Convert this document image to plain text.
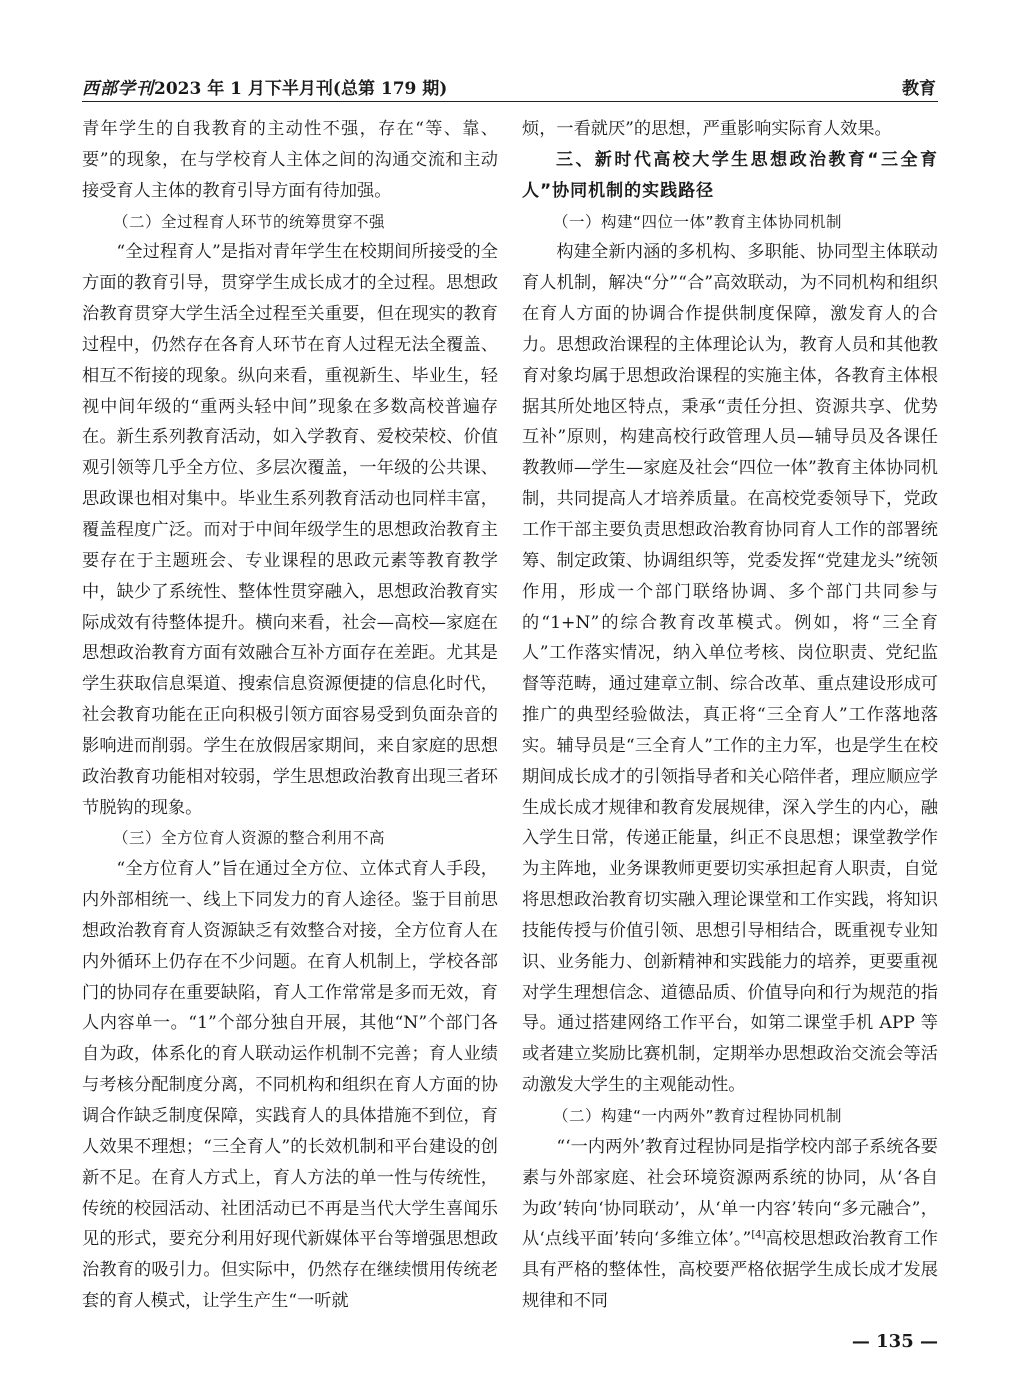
西部学刊2023 年 1 月下半月刊(总第 179 期)	教育

青年学生的自我教育的主动性不强，存在“等、靠、要”的现象，在与学校育人主体之间的沟通交流和主动接受育人主体的教育引导方面有待加强。

（二）全过程育人环节的统筹贯穿不强

“全过程育人”是指对青年学生在校期间所接受的全方面的教育引导，贯穿学生成长成才的全过程。思想政治教育贯穿大学生活全过程至关重要，但在现实的教育过程中，仍然存在各育人环节在育人过程无法全覆盖、相互不衔接的现象。纵向来看，重视新生、毕业生，轻视中间年级的“重两头轻中间”现象在多数高校普遍存在。新生系列教育活动，如入学教育、爱校荣校、价值观引领等几乎全方位、多层次覆盖，一年级的公共课、思政课也相对集中。毕业生系列教育活动也同样丰富，覆盖程度广泛。而对于中间年级学生的思想政治教育主要存在于主题班会、专业课程的思政元素等教育教学中，缺少了系统性、整体性贯穿融入，思想政治教育实际成效有待整体提升。横向来看，社会—高校—家庭在思想政治教育方面有效融合互补方面存在差距。尤其是学生获取信息渠道、搜索信息资源便捷的信息化时代，社会教育功能在正向积极引领方面容易受到负面杂音的影响进而削弱。学生在放假居家期间，来自家庭的思想政治教育功能相对较弱，学生思想政治教育出现三者环节脱钩的现象。

（三）全方位育人资源的整合利用不高

“全方位育人”旨在通过全方位、立体式育人手段，内外部相统一、线上下同发力的育人途径。鉴于目前思想政治教育育人资源缺乏有效整合对接，全方位育人在内外循环上仍存在不少问题。在育人机制上，学校各部门的协同存在重要缺陷，育人工作常常是多而无效，育人内容单一。“1”个部分独自开展，其他“N”个部门各自为政，体系化的育人联动运作机制不完善；育人业绩与考核分配制度分离，不同机构和组织在育人方面的协调合作缺乏制度保障，实践育人的具体措施不到位，育人效果不理想；“三全育人”的长效机制和平台建设的创新不足。在育人方式上，育人方法的单一性与传统性，传统的校园活动、社团活动已不再是当代大学生喜闻乐见的形式，要充分利用好现代新媒体平台等增强思想政治教育的吸引力。但实际中，仍然存在继续惯用传统老套的育人模式，让学生产生“一听就

烦，一看就厌”的思想，严重影响实际育人效果。

三、新时代高校大学生思想政治教育“三全育人”协同机制的实践路径

（一）构建“四位一体”教育主体协同机制

构建全新内涵的多机构、多职能、协同型主体联动育人机制，解决“分”“合”高效联动，为不同机构和组织在育人方面的协调合作提供制度保障，激发育人的合力。思想政治课程的主体理论认为，教育人员和其他教育对象均属于思想政治课程的实施主体，各教育主体根据其所处地区特点，秉承“责任分担、资源共享、优势互补”原则，构建高校行政管理人员—辅导员及各课任教教师—学生—家庭及社会“四位一体”教育主体协同机制，共同提高人才培养质量。在高校党委领导下，党政工作干部主要负责思想政治教育协同育人工作的部署统筹、制定政策、协调组织等，党委发挥“党建龙头”统领作用，形成一个部门联络协调、多个部门共同参与的“1+N”的综合教育改革模式。例如，将“三全育人”工作落实情况，纳入单位考核、岗位职责、党纪监督等范畴，通过建章立制、综合改革、重点建设形成可推广的典型经验做法，真正将“三全育人”工作落地落实。辅导员是“三全育人”工作的主力军，也是学生在校期间成长成才的引领指导者和关心陪伴者，理应顺应学生成长成才规律和教育发展规律，深入学生的内心，融入学生日常，传递正能量，纠正不良思想；课堂教学作为主阵地，业务课教师更要切实承担起育人职责，自觉将思想政治教育切实融入理论课堂和工作实践，将知识技能传授与价值引领、思想引导相结合，既重视专业知识、业务能力、创新精神和实践能力的培养，更要重视对学生理想信念、道德品质、价值导向和行为规范的指导。通过搭建网络工作平台，如第二课堂手机 APP 等或者建立奖励比赛机制，定期举办思想政治交流会等活动激发大学生的主观能动性。

（二）构建“一内两外”教育过程协同机制

“‘一内两外’教育过程协同是指学校内部子系统各要素与外部家庭、社会环境资源两系统的协同，从‘各自为政’转向‘协同联动’，从‘单一内容’转向“多元融合”，从‘点线平面’转向‘多维立体’。”[4]高校思想政治教育工作具有严格的整体性，高校要严格依据学生成长成才发展规律和不同

— 135 —
